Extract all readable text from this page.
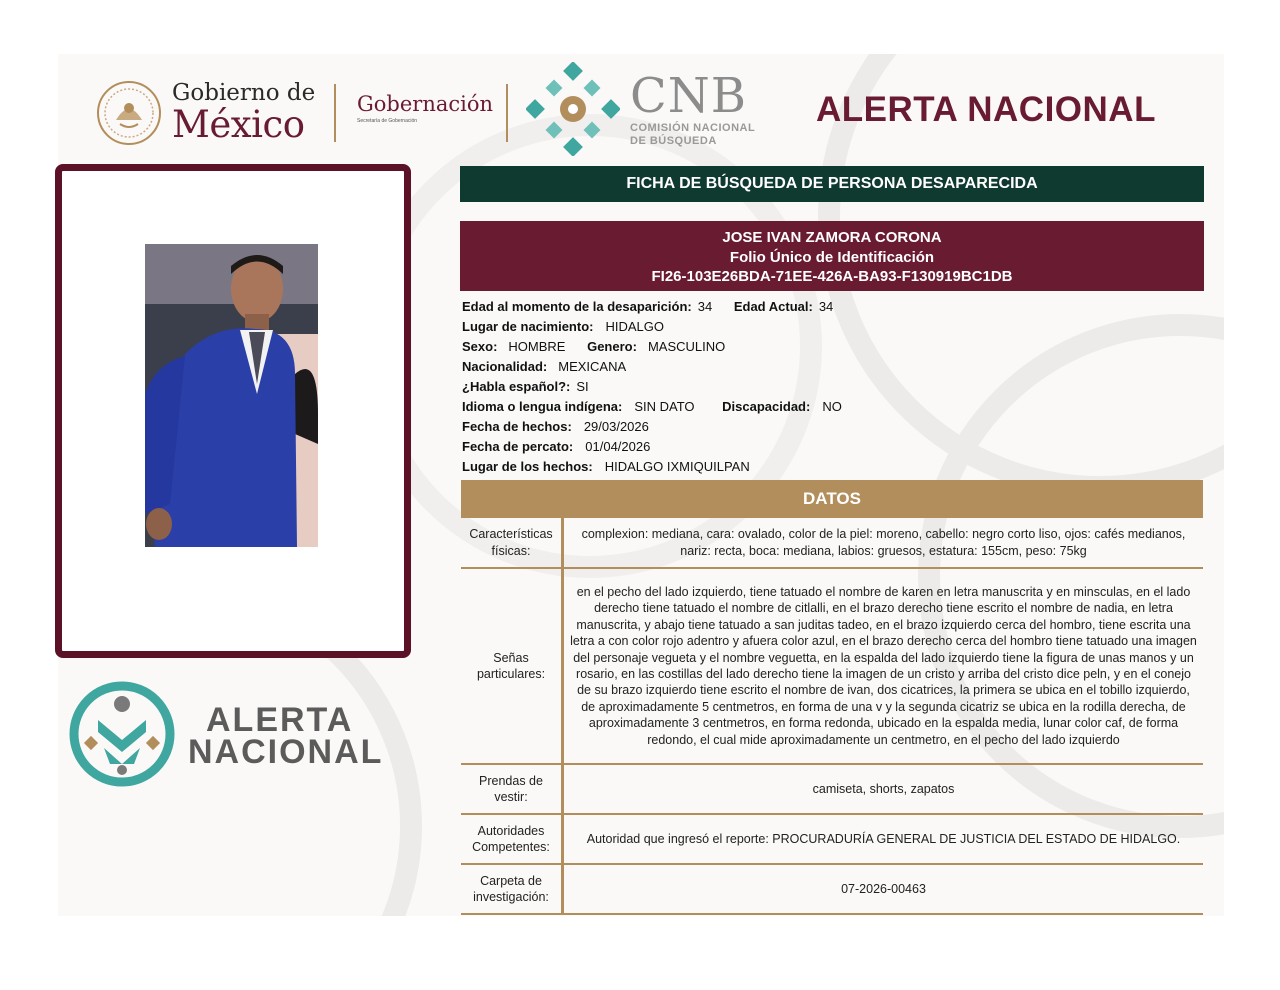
Gobierno de
México	Gobernación
Secretaría de Gobernación	CNB
COMISIÓN NACIONAL
DE BÚSQUEDA
ALERTA NACIONAL
ALERTA
NACIONAL
FICHA DE BÚSQUEDA DE PERSONA DESAPARECIDA
JOSE IVAN ZAMORA CORONA
Folio Único de Identificación
FI26-103E26BDA-71EE-426A-BA93-F130919BC1DB
Edad al momento de la desaparición: 34 Edad Actual: 34
Lugar de nacimiento: HIDALGO
Sexo: HOMBRE Genero: MASCULINO
Nacionalidad: MEXICANA
¿Habla español?: SI
Idioma o lengua indígena: SIN DATO Discapacidad: NO
Fecha de hechos: 29/03/2026
Fecha de percato: 01/04/2026
Lugar de los hechos: HIDALGO IXMIQUILPAN
DATOS
Características físicas:	complexion: mediana, cara: ovalado, color de la piel: moreno, cabello: negro corto liso, ojos: cafés medianos, nariz: recta, boca: mediana, labios: gruesos, estatura: 155cm, peso: 75kg
Señas particulares:	en el pecho del lado izquierdo, tiene tatuado el nombre de karen en letra manuscrita y en minsculas, en el lado derecho tiene tatuado el nombre de citlalli, en el brazo derecho tiene escrito el nombre de nadia, en letra manuscrita, y abajo tiene tatuado a san juditas tadeo, en el brazo izquierdo cerca del hombro, tiene escrita una letra a con color rojo adentro y afuera color azul, en el brazo derecho cerca del hombro tiene tatuado una imagen del personaje vegueta y el nombre veguetta, en la espalda del lado izquierdo tiene la figura de unas manos y un rosario, en las costillas del lado derecho tiene la imagen de un cristo y arriba del cristo dice peln, y en el conejo de su brazo izquierdo tiene escrito el nombre de ivan, dos cicatrices, la primera se ubica en el tobillo izquierdo, de aproximadamente 5 centmetros, en forma de una v y la segunda cicatriz se ubica en la rodilla derecha, de aproximadamente 3 centmetros, en forma redonda, ubicado en la espalda media, lunar color caf, de forma redondo, el cual mide aproximadamente un centmetro, en el pecho del lado izquierdo
Prendas de vestir:	camiseta, shorts, zapatos
Autoridades Competentes:	Autoridad que ingresó el reporte: PROCURADURÍA GENERAL DE JUSTICIA DEL ESTADO DE HIDALGO.
Carpeta de investigación:	07-2026-00463
